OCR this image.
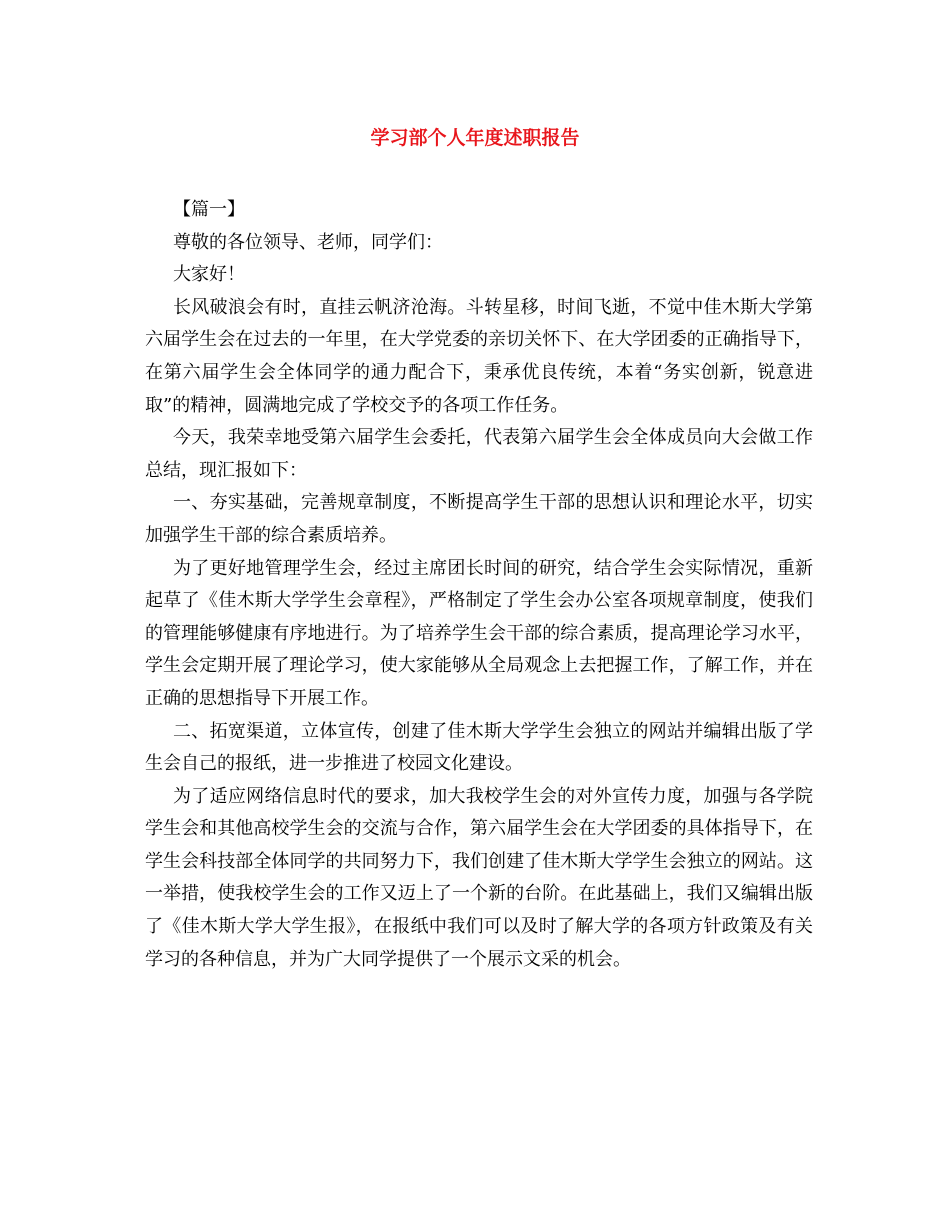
学习部个人年度述职报告

【篇一】

尊敬的各位领导、老师，同学们：

大家好！

长风破浪会有时，直挂云帆济沧海。斗转星移，时间飞逝，不觉中佳木斯大学第六届学生会在过去的一年里，在大学党委的亲切关怀下、在大学团委的正确指导下，在第六届学生会全体同学的通力配合下，秉承优良传统，本着“务实创新，锐意进取”的精神，圆满地完成了学校交予的各项工作任务。

今天，我荣幸地受第六届学生会委托，代表第六届学生会全体成员向大会做工作总结，现汇报如下：

一、夯实基础，完善规章制度，不断提高学生干部的思想认识和理论水平，切实加强学生干部的综合素质培养。

为了更好地管理学生会，经过主席团长时间的研究，结合学生会实际情况，重新起草了《佳木斯大学学生会章程》，严格制定了学生会办公室各项规章制度，使我们的管理能够健康有序地进行。为了培养学生会干部的综合素质，提高理论学习水平，学生会定期开展了理论学习，使大家能够从全局观念上去把握工作，了解工作，并在正确的思想指导下开展工作。

二、拓宽渠道，立体宣传，创建了佳木斯大学学生会独立的网站并编辑出版了学生会自己的报纸，进一步推进了校园文化建设。

为了适应网络信息时代的要求，加大我校学生会的对外宣传力度，加强与各学院学生会和其他高校学生会的交流与合作，第六届学生会在大学团委的具体指导下，在学生会科技部全体同学的共同努力下，我们创建了佳木斯大学学生会独立的网站。这一举措，使我校学生会的工作又迈上了一个新的台阶。在此基础上，我们又编辑出版了《佳木斯大学大学生报》，在报纸中我们可以及时了解大学的各项方针政策及有关学习的各种信息，并为广大同学提供了一个展示文采的机会。
